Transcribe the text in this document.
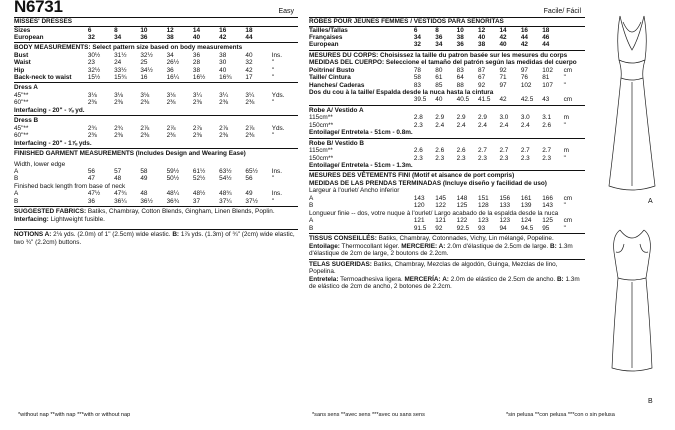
N6731	Easy
MISSES' DRESSES
Sizes	6	8	10	12	14	16	18	
European	32	34	36	38	40	42	44	
BODY MEASUREMENTS: Select pattern size based on body measurements
Bust	30½	31½	32½	34	36	38	40	Ins.
Waist	23	24	25	26½	28	30	32	"
Hip	32½	33½	34½	36	38	40	42	"
Back-neck to waist	15½	15¾	16	16¼	16½	16¾	17	"
Dress A
45"**	3⅛	3⅛	3⅛	3⅛	3¼	3¼	3¼	Yds.
60"**	2⅜	2⅜	2⅜	2⅜	2⅜	2⅜	2⅜	"
Interfacing - 20" - ⅝ yd.
Dress B
45"**	2¾	2¾	2⅞	2⅞	2⅞	2⅞	2⅞	Yds.
60"**	2⅜	2⅜	2⅜	2⅜	2⅜	2⅜	2⅜	"
Interfacing - 20" - 1⅞ yds.
FINISHED GARMENT MEASUREMENTS (Includes Design and Wearing Ease)
Width, lower edge
A	56	57	58	59½	61½	63½	65½	Ins.
B	47	48	49	50½	52½	54½	56	"
Finished back length from base of neck
A	47½	47¾	48	48¼	48½	48¾	49	Ins.
B	36	36¼	36½	36¾	37	37¼	37½	"
SUGGESTED FABRICS: Batiks, Chambray, Cotton Blends, Gingham, Linen Blends, Poplin.
Interfacing: Lightweight fusible.
NOTIONS A: 2⅛ yds. (2.0m) of 1" (2.5cm) wide elastic. B: 1⅞ yds. (1.3m) of ¾" (2cm) wide elastic, two ¾" (2.2cm) buttons.
Facile/ Fácil
ROBES POUR JEUNES FEMMES / VESTIDOS PARA SEÑORITAS
Tailles/Tallas	6	8	10	12	14	16	18	
Françaises	34	36	38	40	42	44	46	
European	32	34	36	38	40	42	44	
MESURES DU CORPS: Choisissez la taille du patron basée sur les mesures du corps
MEDIDAS DEL CUERPO: Seleccione el tamaño del patrón según las medidas del cuerpo
Poitrine/ Busto	78	80	83	87	92	97	102	cm
Taille/ Cintura	58	61	64	67	71	76	81	"
Hanches/ Caderas	83	85	88	92	97	102	107	"
Dos du cou à la taille/ Espalda desde la nuca hasta la cintura
	39.5	40	40.5	41.5	42	42.5	43	cm
Robe A/ Vestido A
115cm**	2.8	2.9	2.9	2.9	3.0	3.0	3.1	m
150cm**	2.3	2.4	2.4	2.4	2.4	2.4	2.6	"
Entoilage/ Entretela - 51cm - 0.8m.
Robe B/ Vestido B
115cm**	2.6	2.6	2.6	2.7	2.7	2.7	2.7	m
150cm**	2.3	2.3	2.3	2.3	2.3	2.3	2.3	"
Entoilage/ Entretela - 51cm - 1.3m.
MESURES DES VÊTEMENTS FINI (Motif et aisance de port compris)
MEDIDAS DE LAS PRENDAS TERMINADAS (Incluye diseño y facilidad de uso)
Largeur à l'ourlet/ Ancho inferior
A	143	145	148	151	156	161	166	cm
B	120	122	125	128	133	139	143	"
Longueur finie -- dos, votre nuque à l'ourlet/ Largo acabado de la espalda desde la nuca
A	121	121	122	123	123	124	125	cm
B	91.5	92	92.5	93	94	94.5	95	"
TISSUS CONSEILLÉS: Batiks, Chambray, Cotonnades, Vichy, Lin mélangé, Popeline.
Entoilage: Thermocollant léger. MERCERIE: A: 2.0m d'élastique de 2.5cm de large. B: 1.3m d'élastique de 2cm de large, 2 boutons de 2.2cm.
TELAS SUGERIDAS: Batiks, Chambray, Mezclas de algodón, Guinga, Mezclas de lino, Popelina.
Entretela: Termoadhesiva ligera. MERCERÍA: A: 2.0m de elástico de 2.5cm de ancho. B: 1.3m de elástico de 2cm de ancho, 2 botones de 2.2cm.
*without nap **with nap ***with or without nap	*sans sens **avec sens ***avec ou sans sens	*sin pelusa **con pelusa ***con o sin pelusa
A
B
